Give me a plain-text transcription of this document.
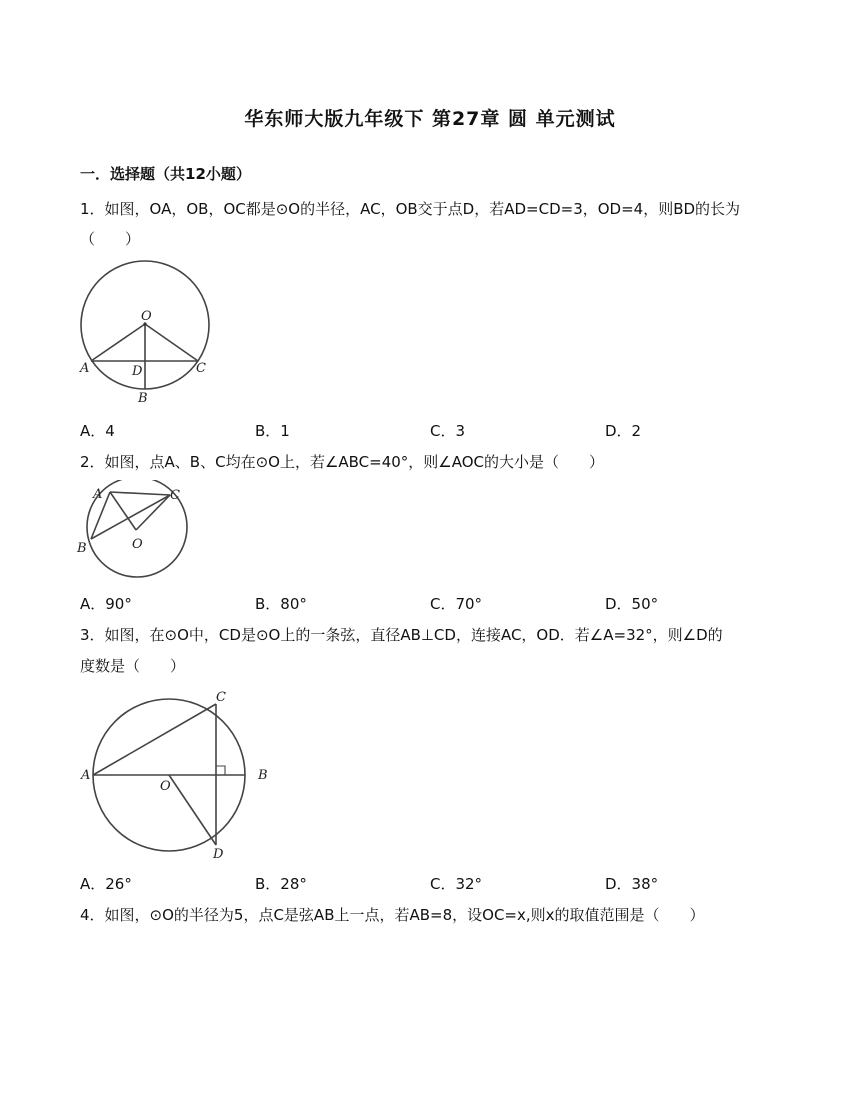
华东师大版九年级下 第27章 圆 单元测试
一．选择题（共12小题）
1．如图，OA，OB，OC都是⊙O的半径，AC，OB交于点D，若AD=CD=3，OD=4，则BD的长为
（　　）
O
A	D	C
B
A．4	B．1	C．3	D．2
2．如图，点A、B、C均在⊙O上，若∠ABC=40°，则∠AOC的大小是（　　）
A	C
B	O
A．90°	B．80°	C．70°	D．50°
3．如图，在⊙O中，CD是⊙O上的一条弦，直径AB⊥CD，连接AC，OD．若∠A=32°，则∠D的
度数是（　　）
C
A
O
B
D
A．26°	B．28°	C．32°	D．38°
4．如图，⊙O的半径为5，点C是弦AB上一点，若AB=8，设OC=x,则x的取值范围是（　　）
